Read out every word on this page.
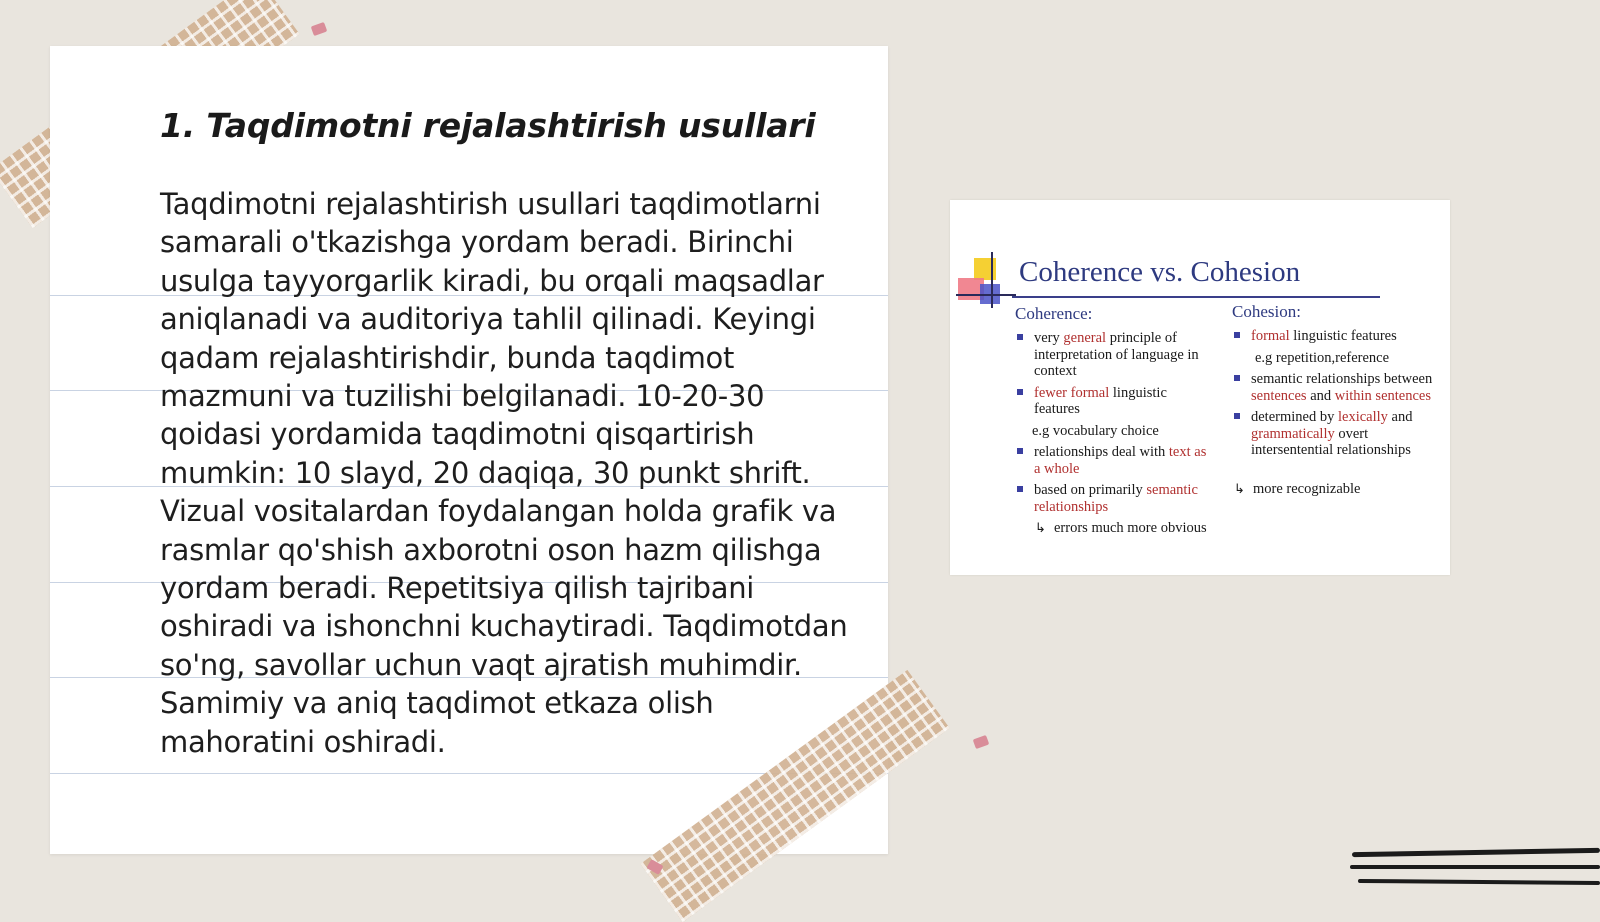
1. Taqdimotni rejalashtirish usullari

Taqdimotni rejalashtirish usullari taqdimotlarni samarali o'tkazishga yordam beradi. Birinchi usulga tayyorgarlik kiradi, bu orqali maqsadlar aniqlanadi va auditoriya tahlil qilinadi. Keyingi qadam rejalashtirishdir, bunda taqdimot mazmuni va tuzilishi belgilanadi. 10-20-30 qoidasi yordamida taqdimotni qisqartirish mumkin: 10 slayd, 20 daqiqa, 30 punkt shrift. Vizual vositalardan foydalangan holda grafik va rasmlar qo'shish axborotni oson hazm qilishga yordam beradi. Repetitsiya qilish tajribani oshiradi va ishonchni kuchaytiradi. Taqdimotdan so'ng, savollar uchun vaqt ajratish muhimdir. Samimiy va aniq taqdimot etkaza olish mahoratini oshiradi.

Coherence vs. Cohesion
Coherence:
very general principle of interpretation of language in context
fewer formal linguistic features
e.g vocabulary choice
relationships deal with text as a whole
based on primarily semantic relationships
↳ errors much more obvious
Cohesion:
formal linguistic features
e.g repetition,reference
semantic relationships between sentences and within sentences
determined by lexically and grammatically overt intersentential relationships
↳ more recognizable
